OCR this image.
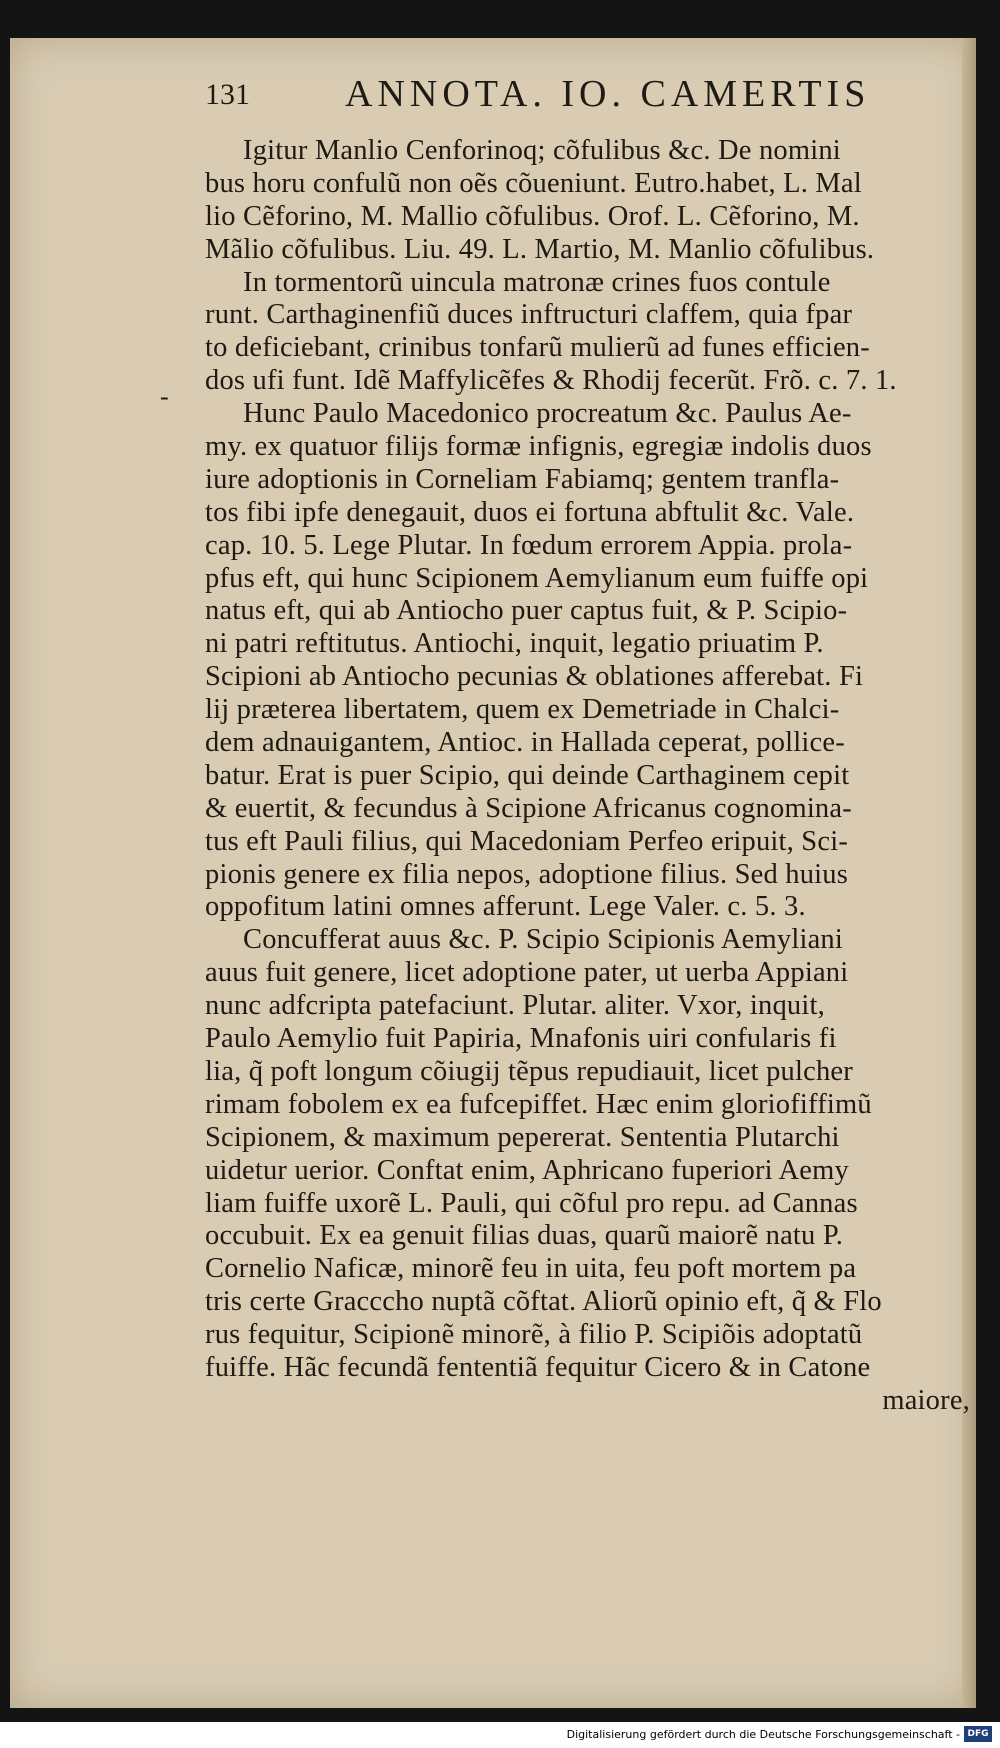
131	ANNOTA. IO. CAMERTIS
-
Igitur Manlio Cenforinoq; cõfulibus &c. De nomini
bus horu confulũ non oẽs cõueniunt. Eutro.habet, L. Mal
lio Cẽforino, M. Mallio cõfulibus. Orof. L. Cẽforino, M.
Mãlio cõfulibus. Liu. 49. L. Martio, M. Manlio cõfulibus.
In tormentorũ uincula matronæ crines fuos contule
runt. Carthaginenfiũ duces inftructuri claffem, quia fpar
to deficiebant, crinibus tonfarũ mulierũ ad funes efficien-
dos ufi funt. Idẽ Maffylicẽfes & Rhodij fecerũt. Frõ. c. 7. 1.
Hunc Paulo Macedonico procreatum &c. Paulus Ae-
my. ex quatuor filijs formæ infignis, egregiæ indolis duos
iure adoptionis in Corneliam Fabiamq; gentem tranfla-
tos fibi ipfe denegauit, duos ei fortuna abftulit &c. Vale.
cap. 10. 5. Lege Plutar. In fœdum errorem Appia. prola-
pfus eft, qui hunc Scipionem Aemylianum eum fuiffe opi
natus eft, qui ab Antiocho puer captus fuit, & P. Scipio-
ni patri reftitutus. Antiochi, inquit, legatio priuatim P.
Scipioni ab Antiocho pecunias & oblationes afferebat. Fi
lij præterea libertatem, quem ex Demetriade in Chalci-
dem adnauigantem, Antioc. in Hallada ceperat, pollice-
batur. Erat is puer Scipio, qui deinde Carthaginem cepit
& euertit, & fecundus à Scipione Africanus cognomina-
tus eft Pauli filius, qui Macedoniam Perfeo eripuit, Sci-
pionis genere ex filia nepos, adoptione filius. Sed huius
oppofitum latini omnes afferunt. Lege Valer. c. 5. 3.
Concufferat auus &c. P. Scipio Scipionis Aemyliani
auus fuit genere, licet adoptione pater, ut uerba Appiani
nunc adfcripta patefaciunt. Plutar. aliter. Vxor, inquit,
Paulo Aemylio fuit Papiria, Mnafonis uiri confularis fi
lia, q̃ poft longum cõiugij tẽpus repudiauit, licet pulcher
rimam fobolem ex ea fufcepiffet. Hæc enim gloriofiffimũ
Scipionem, & maximum pepererat. Sententia Plutarchi
uidetur uerior. Conftat enim, Aphricano fuperiori Aemy
liam fuiffe uxorẽ L. Pauli, qui cõful pro repu. ad Cannas
occubuit. Ex ea genuit filias duas, quarũ maiorẽ natu P.
Cornelio Naficæ, minorẽ feu in uita, feu poft mortem pa
tris certe Gracccho nuptã cõftat. Aliorũ opinio eft, q̃ & Flo
rus fequitur, Scipionẽ minorẽ, à filio P. Scipiõis adoptatũ
fuiffe. Hãc fecundã fententiã fequitur Cicero & in Catone
maiore,
Digitalisierung gefördert durch die Deutsche Forschungsgemeinschaft - DFG
